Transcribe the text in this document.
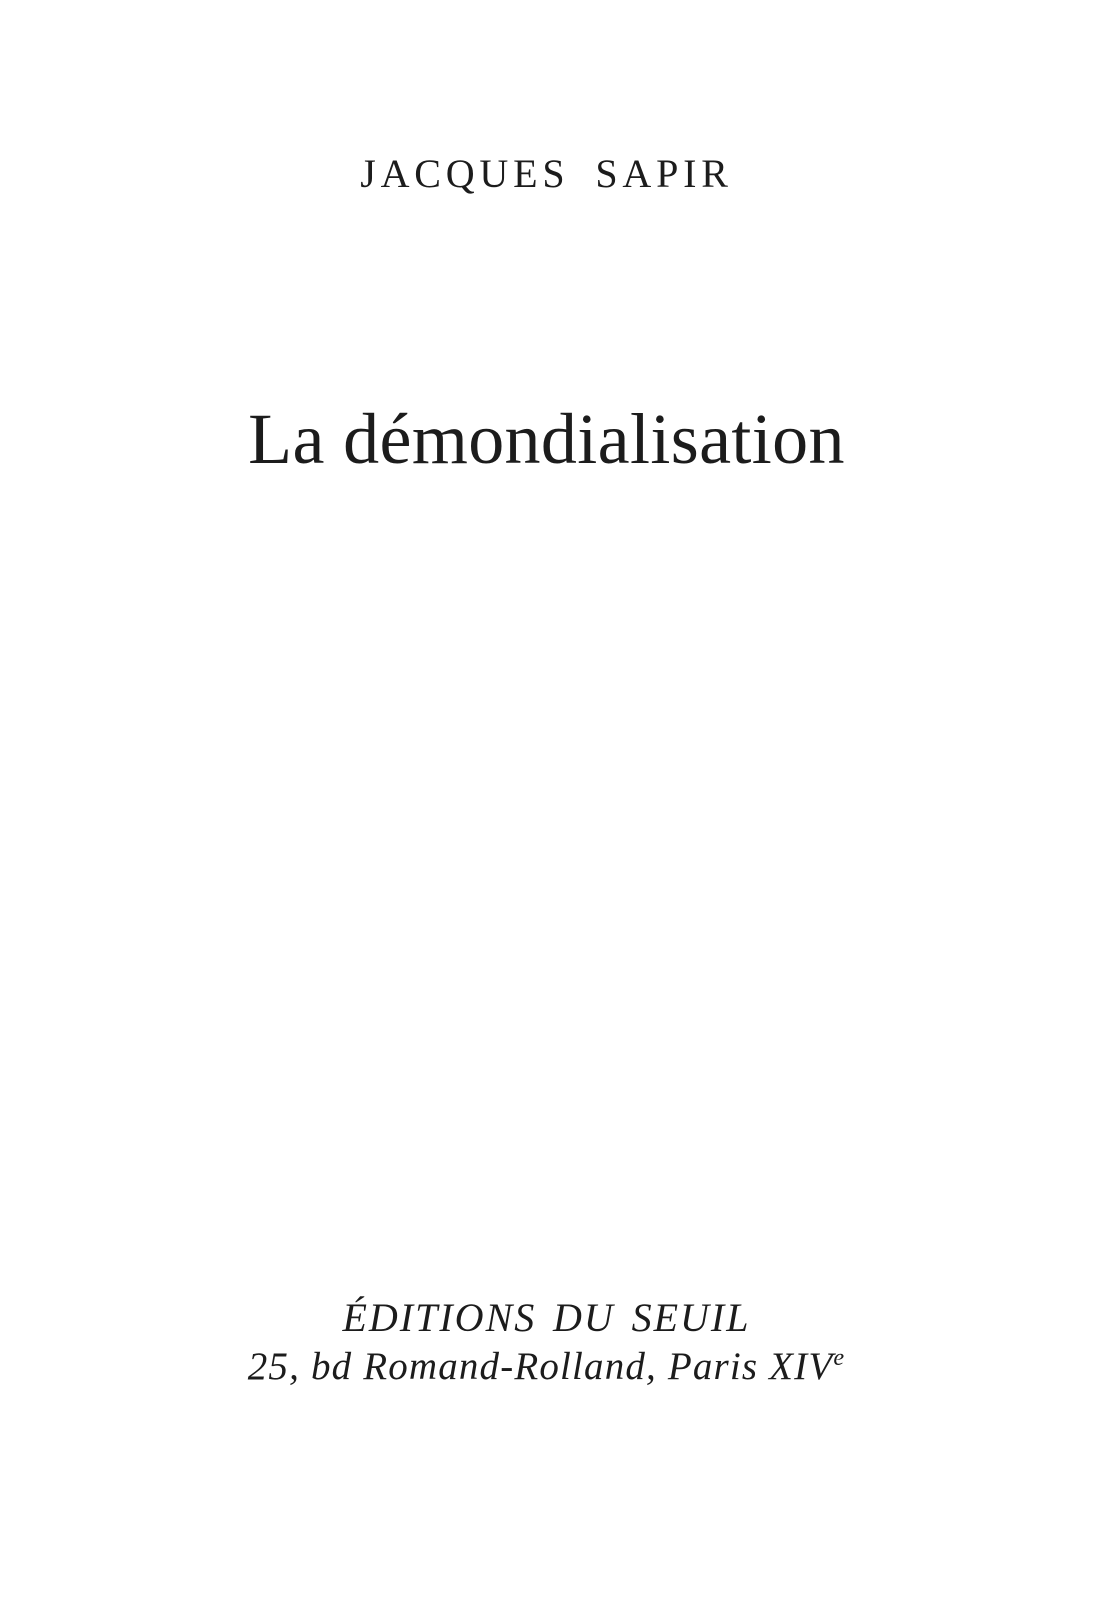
JACQUES SAPIR
La démondialisation
ÉDITIONS DU SEUIL
25, bd Romand-Rolland, Paris XIVe
